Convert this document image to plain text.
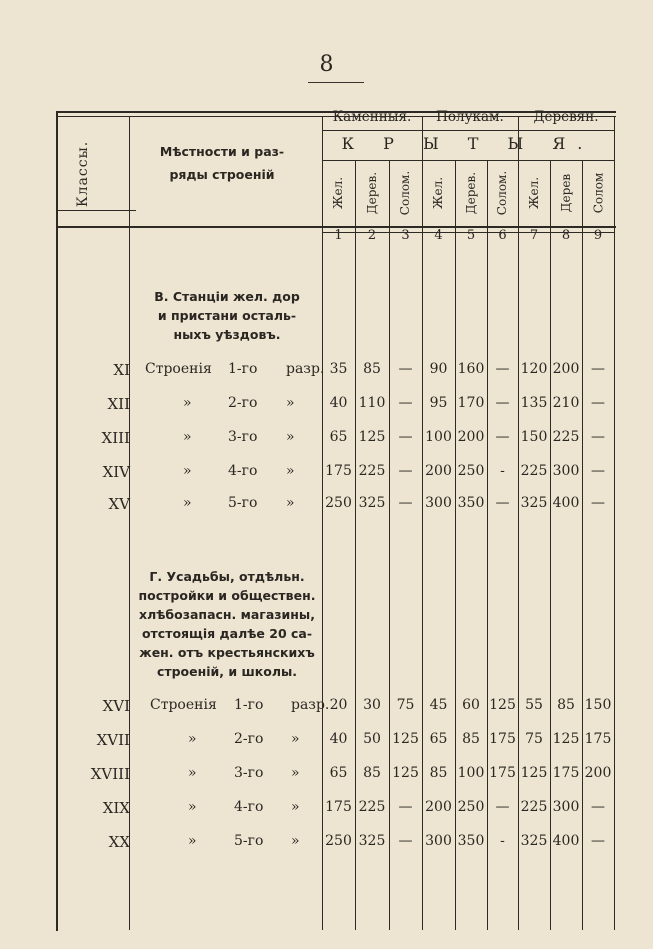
8
Классы.	Мѣстности и раз-
ряды строеній
Каменныя.	Полукам.	Деревян.
К Р Ы Т Ы Я.
Жел. Дерев. Солом. Жел. Дерев. Солом. Жел. Дерев Солом
1	2	3	4	5	6	7	8	9
В. Станціи жел. дор
и пристани осталь-
ныхъ уѣздовъ.
XI Строенія 1-го разр. 35	85	—	90 160 — 120 200 —
XII	»	2-го »	40 110 —	95 170 — 135 210 —
XIII	»	3-го »	65 125 — 100 200 — 150 225 —
XIV	»	4-го » 175 225 — 200 250	-	225 300 —
XV	»	5-го » 250 325 — 300 350 — 325 400 —
Г. Усадьбы, отдѣльн.
постройки и обществен.
хлѣбозапасн. магазины,
отстоящія далѣе 20 са-
жен. отъ крестьянскихъ
строеній, и школы.
XVI Строенія 1-го разр. 20	30	75	45	60 125 55	85 150
XVII	»	2-го »	40	50 125 65	85 175 75 125 175
XVIII	»	3-го »	65	85 125 85 100 175 125 175 200
XIX	»	4-го » 175 225 — 200 250 — 225 300 —
XX	»	5-го » 250 325 — 300 350	-	325 400 —
